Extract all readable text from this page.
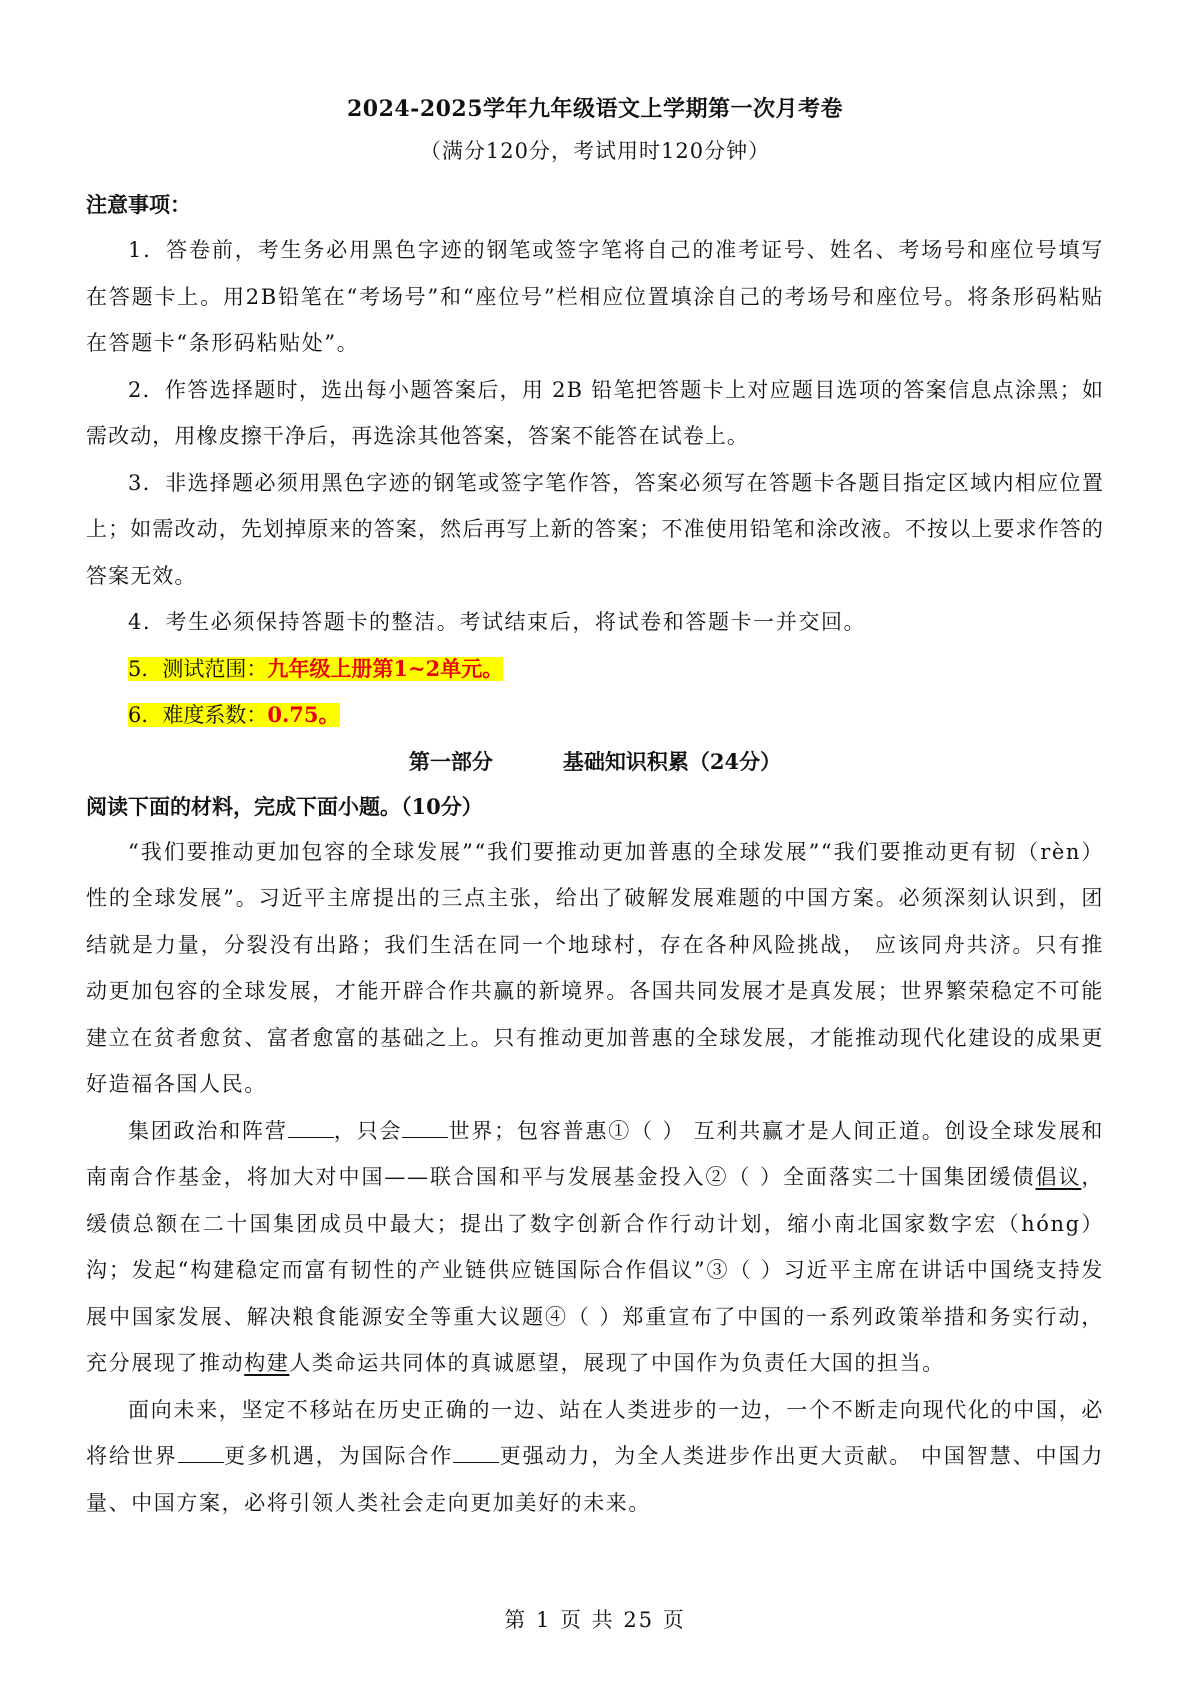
2024-2025学年九年级语文上学期第一次月考卷
（满分120分，考试用时120分钟）
注意事项：

1．答卷前，考生务必用黑色字迹的钢笔或签字笔将自己的准考证号、姓名、考场号和座位号填写在答题卡上。用2B铅笔在“考场号”和“座位号”栏相应位置填涂自己的考场号和座位号。将条形码粘贴在答题卡“条形码粘贴处”。

2．作答选择题时，选出每小题答案后，用 2B 铅笔把答题卡上对应题目选项的答案信息点涂黑；如需改动，用橡皮擦干净后，再选涂其他答案，答案不能答在试卷上。

3．非选择题必须用黑色字迹的钢笔或签字笔作答，答案必须写在答题卡各题目指定区域内相应位置上；如需改动，先划掉原来的答案，然后再写上新的答案；不准使用铅笔和涂改液。不按以上要求作答的答案无效。

4．考生必须保持答题卡的整洁。考试结束后，将试卷和答题卡一并交回。

5．测试范围：九年级上册第1~2单元。

6．难度系数：0.75。

第一部分	基础知识积累（24分）

阅读下面的材料，完成下面小题。（10分）

“我们要推动更加包容的全球发展”“我们要推动更加普惠的全球发展”“我们要推动更有韧（rèn）性的全球发展”。习近平主席提出的三点主张，给出了破解发展难题的中国方案。必须深刻认识到，团结就是力量，分裂没有出路；我们生活在同一个地球村，存在各种风险挑战， 应该同舟共济。只有推动更加包容的全球发展，才能开辟合作共赢的新境界。各国共同发展才是真发展；世界繁荣稳定不可能建立在贫者愈贫、富者愈富的基础之上。只有推动更加普惠的全球发展，才能推动现代化建设的成果更好造福各国人民。

集团政治和阵营 ，只会 世界；包容普惠①（ ） 互利共赢才是人间正道。创设全球发展和南南合作基金，将加大对中国——联合国和平与发展基金投入②（ ）全面落实二十国集团缓债倡议，缓债总额在二十国集团成员中最大；提出了数字创新合作行动计划，缩小南北国家数字宏（hóng）沟；发起“构建稳定而富有韧性的产业链供应链国际合作倡议”③（ ）习近平主席在讲话中国绕支持发展中国家发展、解决粮食能源安全等重大议题④（ ）郑重宣布了中国的一系列政策举措和务实行动，充分展现了推动构建人类命运共同体的真诚愿望，展现了中国作为负责任大国的担当。

面向未来，坚定不移站在历史正确的一边、站在人类进步的一边，一个不断走向现代化的中国，必将给世界 更多机遇，为国际合作 更强动力，为全人类进步作出更大贡献。 中国智慧、中国力量、中国方案，必将引领人类社会走向更加美好的未来。

第 1 页 共 25 页
